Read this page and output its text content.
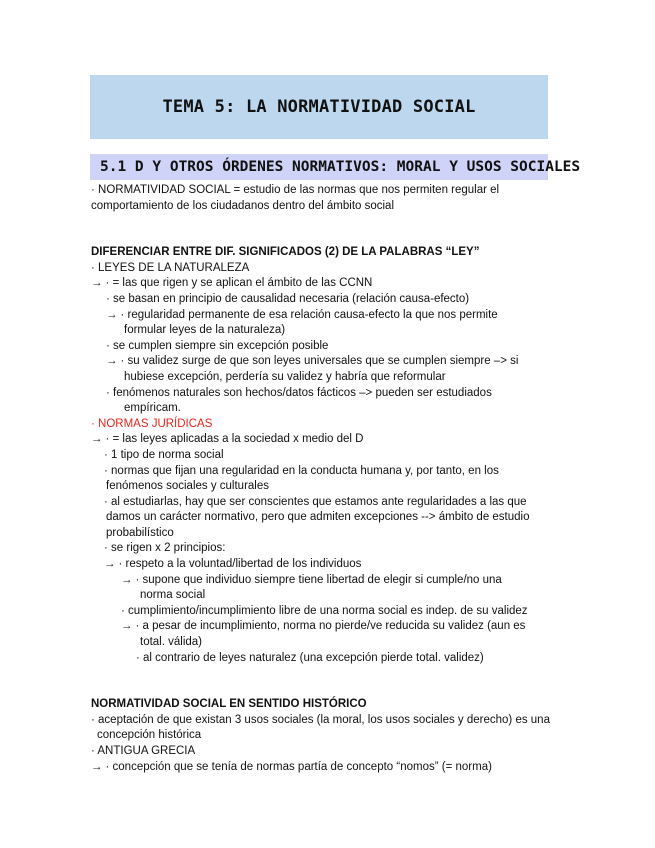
TEMA 5: LA NORMATIVIDAD SOCIAL
5.1 D Y OTROS ÓRDENES NORMATIVOS: MORAL Y USOS SOCIALES
· NORMATIVIDAD SOCIAL = estudio de las normas que nos permiten regular el
comportamiento de los ciudadanos dentro del ámbito social
DIFERENCIAR ENTRE DIF. SIGNIFICADOS (2) DE LA PALABRAS “LEY”
· LEYES DE LA NATURALEZA
→ · = las que rigen y se aplican el ámbito de las CCNN
· se basan en principio de causalidad necesaria (relación causa-efecto)
→ · regularidad permanente de esa relación causa-efecto la que nos permite
formular leyes de la naturaleza)
· se cumplen siempre sin excepción posible
→ · su validez surge de que son leyes universales que se cumplen siempre –> si
hubiese excepción, perdería su validez y habría que reformular
· fenómenos naturales son hechos/datos fácticos –> pueden ser estudiados
empíricam.
· NORMAS JURÍDICAS
→ · = las leyes aplicadas a la sociedad x medio del D
· 1 tipo de norma social
· normas que fijan una regularidad en la conducta humana y, por tanto, en los
fenómenos sociales y culturales
· al estudiarlas, hay que ser conscientes que estamos ante regularidades a las que
damos un carácter normativo, pero que admiten excepciones --> ámbito de estudio
probabilístico
· se rigen x 2 principios:
→ · respeto a la voluntad/libertad de los individuos
→ · supone que individuo siempre tiene libertad de elegir si cumple/no una
norma social
· cumplimiento/incumplimiento libre de una norma social es indep. de su validez
→ · a pesar de incumplimiento, norma no pierde/ve reducida su validez (aun es
total. válida)
· al contrario de leyes naturalez (una excepción pierde total. validez)
NORMATIVIDAD SOCIAL EN SENTIDO HISTÓRICO
· aceptación de que existan 3 usos sociales (la moral, los usos sociales y derecho) es una
concepción histórica
· ANTIGUA GRECIA
→ · concepción que se tenía de normas partía de concepto “nomos” (= norma)
